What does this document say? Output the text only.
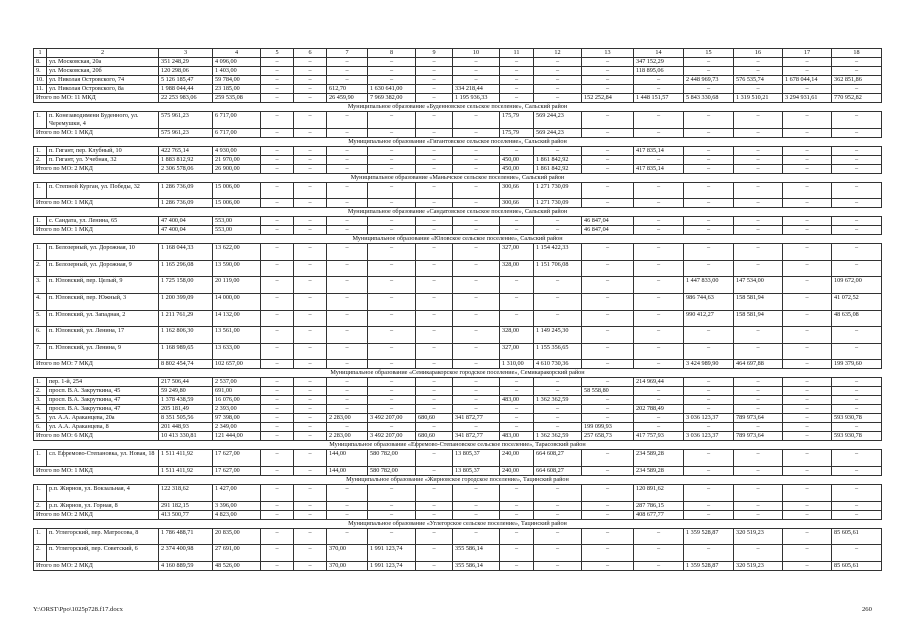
1	2	3	4	5	6	7	8	9	10	11	12	13	14	15	16	17	18
8.	ул. Московская, 20а	351 248,29	4 096,00	–	–	–	–	–	–	–	–	–	347 152,29	–	–	–	–
9.	ул. Московская, 20б	120 298,06	1 403,00	–	–	–	–	–	–	–	–	–	118 895,06	–	–	–	–
10.	ул. Николая Островского, 74	5 126 185,47	59 784,00	–	–	–	–	–	–	–	–	–	–	2 448 969,73	576 535,74	1 678 044,14	362 851,86
11.	ул. Николая Островского, 8а	1 988 044,44	23 185,00	–	–	612,70	1 630 641,00	–	334 218,44	–	–	–	–	–	–	–	–
Итого по МО: 11 МКД		22 253 983,06	259 535,08	–	–	26 459,90	7 969 382,00	–	1 195 936,33	–	–	152 252,84	1 448 151,57	5 843 330,68	1 319 510,21	3 294 931,61	770 952,82
Муниципальное образование «Буденновское сельское поселение», Сальский район																	
1.	п. Конезаводимени Буденного, ул. Черемушки, 4	575 961,23	6 717,00	–	–	–	–	–	–	175,79	569 244,23	–	–	–	–	–	–
Итого по МО: 1 МКД		575 961,23	6 717,00	–	–	–	–	–	–	175,79	569 244,23	–	–	–	–	–	–
Муниципальное образование «Гигантовское сельское поселение», Сальский район																	
1.	п. Гигант, пер. Клубный, 10	422 765,14	4 930,00	–	–	–	–	–	–	–	–	–	417 835,14	–	–	–	–
2.	п. Гигант, ул. Учебная, 32	1 883 812,92	21 970,00	–	–	–	–	–	–	450,00	1 861 842,92	–	–	–	–	–	–
Итого по МО: 2 МКД		2 306 578,06	26 900,00	–	–	–	–	–	–	450,00	1 861 842,92	–	417 835,14	–	–	–	–
Муниципальное образование «Манычское сельское поселение», Сальский район																	
1.	п. Степной Курган, ул. Победы, 32	1 286 736,09	15 006,00	–	–	–	–	–	–	300,66	1 271 730,09	–	–	–	–	–	–
Итого по МО: 1 МКД		1 286 736,09	15 006,00	–	–	–	–	–	–	300,66	1 271 730,09	–	–	–	–	–	–
Муниципальное образование «Сандатовское сельское поселение», Сальский район																	
1.	с. Сандата, ул. Ленина, 65	47 400,04	553,00	–	–	–	–	–	–	–	–	46 847,04	–	–	–	–	–
Итого по МО: 1 МКД		47 400,04	553,00	–	–	–	–	–	–	–	–	46 847,04	–	–	–	–	–
Муниципальное образование «Юловское сельское поселение», Сальский район																	
1.	п. Белозерный, ул. Дорожная, 10	1 168 044,33	13 622,00	–	–	–	–	–	–	327,00	1 154 422,33	–	–	–	–	–	–
2.	п. Белозерный, ул. Дорожная, 9	1 165 296,08	13 590,00	–	–	–	–	–	–	328,00	1 151 706,08	–	–	–	–	–	–
3.	п. Юловский, пер. Целый, 9	1 725 158,00	20 119,00	–	–	–	–	–	–	–	–	–	–	1 447 833,00	147 534,00	–	109 672,00
4.	п. Юловский, пер. Южный, 3	1 200 399,09	14 000,00	–	–	–	–	–	–	–	–	–	–	986 744,63	158 581,94	–	41 072,52
5.	п. Юловский, ул. Западная, 2	1 211 761,29	14 132,00	–	–	–	–	–	–	–	–	–	–	990 412,27	158 581,94	–	48 635,08
6.	п. Юловский, ул. Ленина, 17	1 162 806,30	13 561,00	–	–	–	–	–	–	328,00	1 149 245,30	–	–	–	–	–	–
7.	п. Юловский, ул. Ленина, 9	1 168 989,65	13 633,00	–	–	–	–	–	–	327,00	1 155 356,65	–	–	–	–	–	–
Итого по МО: 7 МКД		8 802 454,74	102 657,00	–	–	–	–	–	–	1 310,00	4 610 730,36	–	–	3 424 989,90	464 697,88	–	199 379,60
Муниципальное образование «Семикаракорское городское поселение», Семикаракорский район																	
1.	пер. 1-й, 254	217 506,44	2 537,00	–	–	–	–	–	–	–	–	–	214 969,44	–	–	–	–
2.	просп. В.А. Закруткина, 45	59 249,80	691,00	–	–	–	–	–	–	–	–	58 558,80	–	–	–	–	–
3.	просп. В.А. Закруткина, 47	1 378 438,59	16 076,00	–	–	–	–	–	–	483,00	1 362 362,59	–	–	–	–	–	–
4.	просп. В.А. Закруткина, 47	205 181,49	2 393,00	–	–	–	–	–	–	–	–	–	202 788,49	–	–	–	–
5.	ул. А.А. Араканцева, 20а	8 351 505,56	97 398,00	–	–	2 283,00	3 492 207,00	680,60	341 872,77	–	–	–	–	3 036 123,37	789 973,64	–	593 930,78
6.	ул. А.А. Араканцева, 8	201 448,93	2 349,00	–	–	–	–	–	–	–	–	199 099,93	–	–	–	–	–
Итого по МО: 6 МКД		10 413 330,81	121 444,00	–	–	2 283,00	3 492 207,00	680,60	341 872,77	483,00	1 362 362,59	257 658,73	417 757,93	3 036 123,37	789 973,64	–	593 930,78
Муниципальное образование «Ефремово-Степановское сельское поселение», Тарасовский район																	
1.	сл. Ефремово-Степановка, ул. Новая, 18	1 511 411,92	17 627,00	–	–	144,00	580 782,00	–	13 805,37	240,00	664 608,27	–	234 589,28	–	–	–	–
Итого по МО: 1 МКД		1 511 411,92	17 627,00	–	–	144,00	580 782,00	–	13 805,37	240,00	664 608,27	–	234 589,28	–	–	–	–
Муниципальное образование «Жирновское городское поселение», Тацинский район																	
1.	р.п. Жирнов, ул. Вокзальная, 4	122 318,62	1 427,00	–	–	–	–	–	–	–	–	–	120 891,62	–	–	–	–
2.	р.п. Жирнов, ул. Горная, 8	291 182,15	3 396,00	–	–	–	–	–	–	–	–	–	287 786,15	–	–	–	–
Итого по МО: 2 МКД		413 500,77	4 823,00	–	–	–	–	–	–	–	–	–	408 677,77	–	–	–	–
Муниципальное образование «Углегорское сельское поселение», Тацинский район																	
1.	п. Углегорский, пер. Матросова, 8	1 786 488,71	20 835,00	–	–	–	–	–	–	–	–	–	–	1 359 528,87	320 519,23	–	85 605,61
2.	п. Углегорский, пер. Советский, 6	2 374 400,98	27 691,00	–	–	370,00	1 991 123,74	–	355 586,14	–	–	–	–	–	–	–	–
Итого по МО: 2 МКД		4 160 889,59	48 526,00	–	–	370,00	1 991 123,74	–	355 586,14	–	–	–	–	1 359 528,87	320 519,23	–	85 605,61
Y:\ORST\Ppo\1025p728.f17.docx	260
